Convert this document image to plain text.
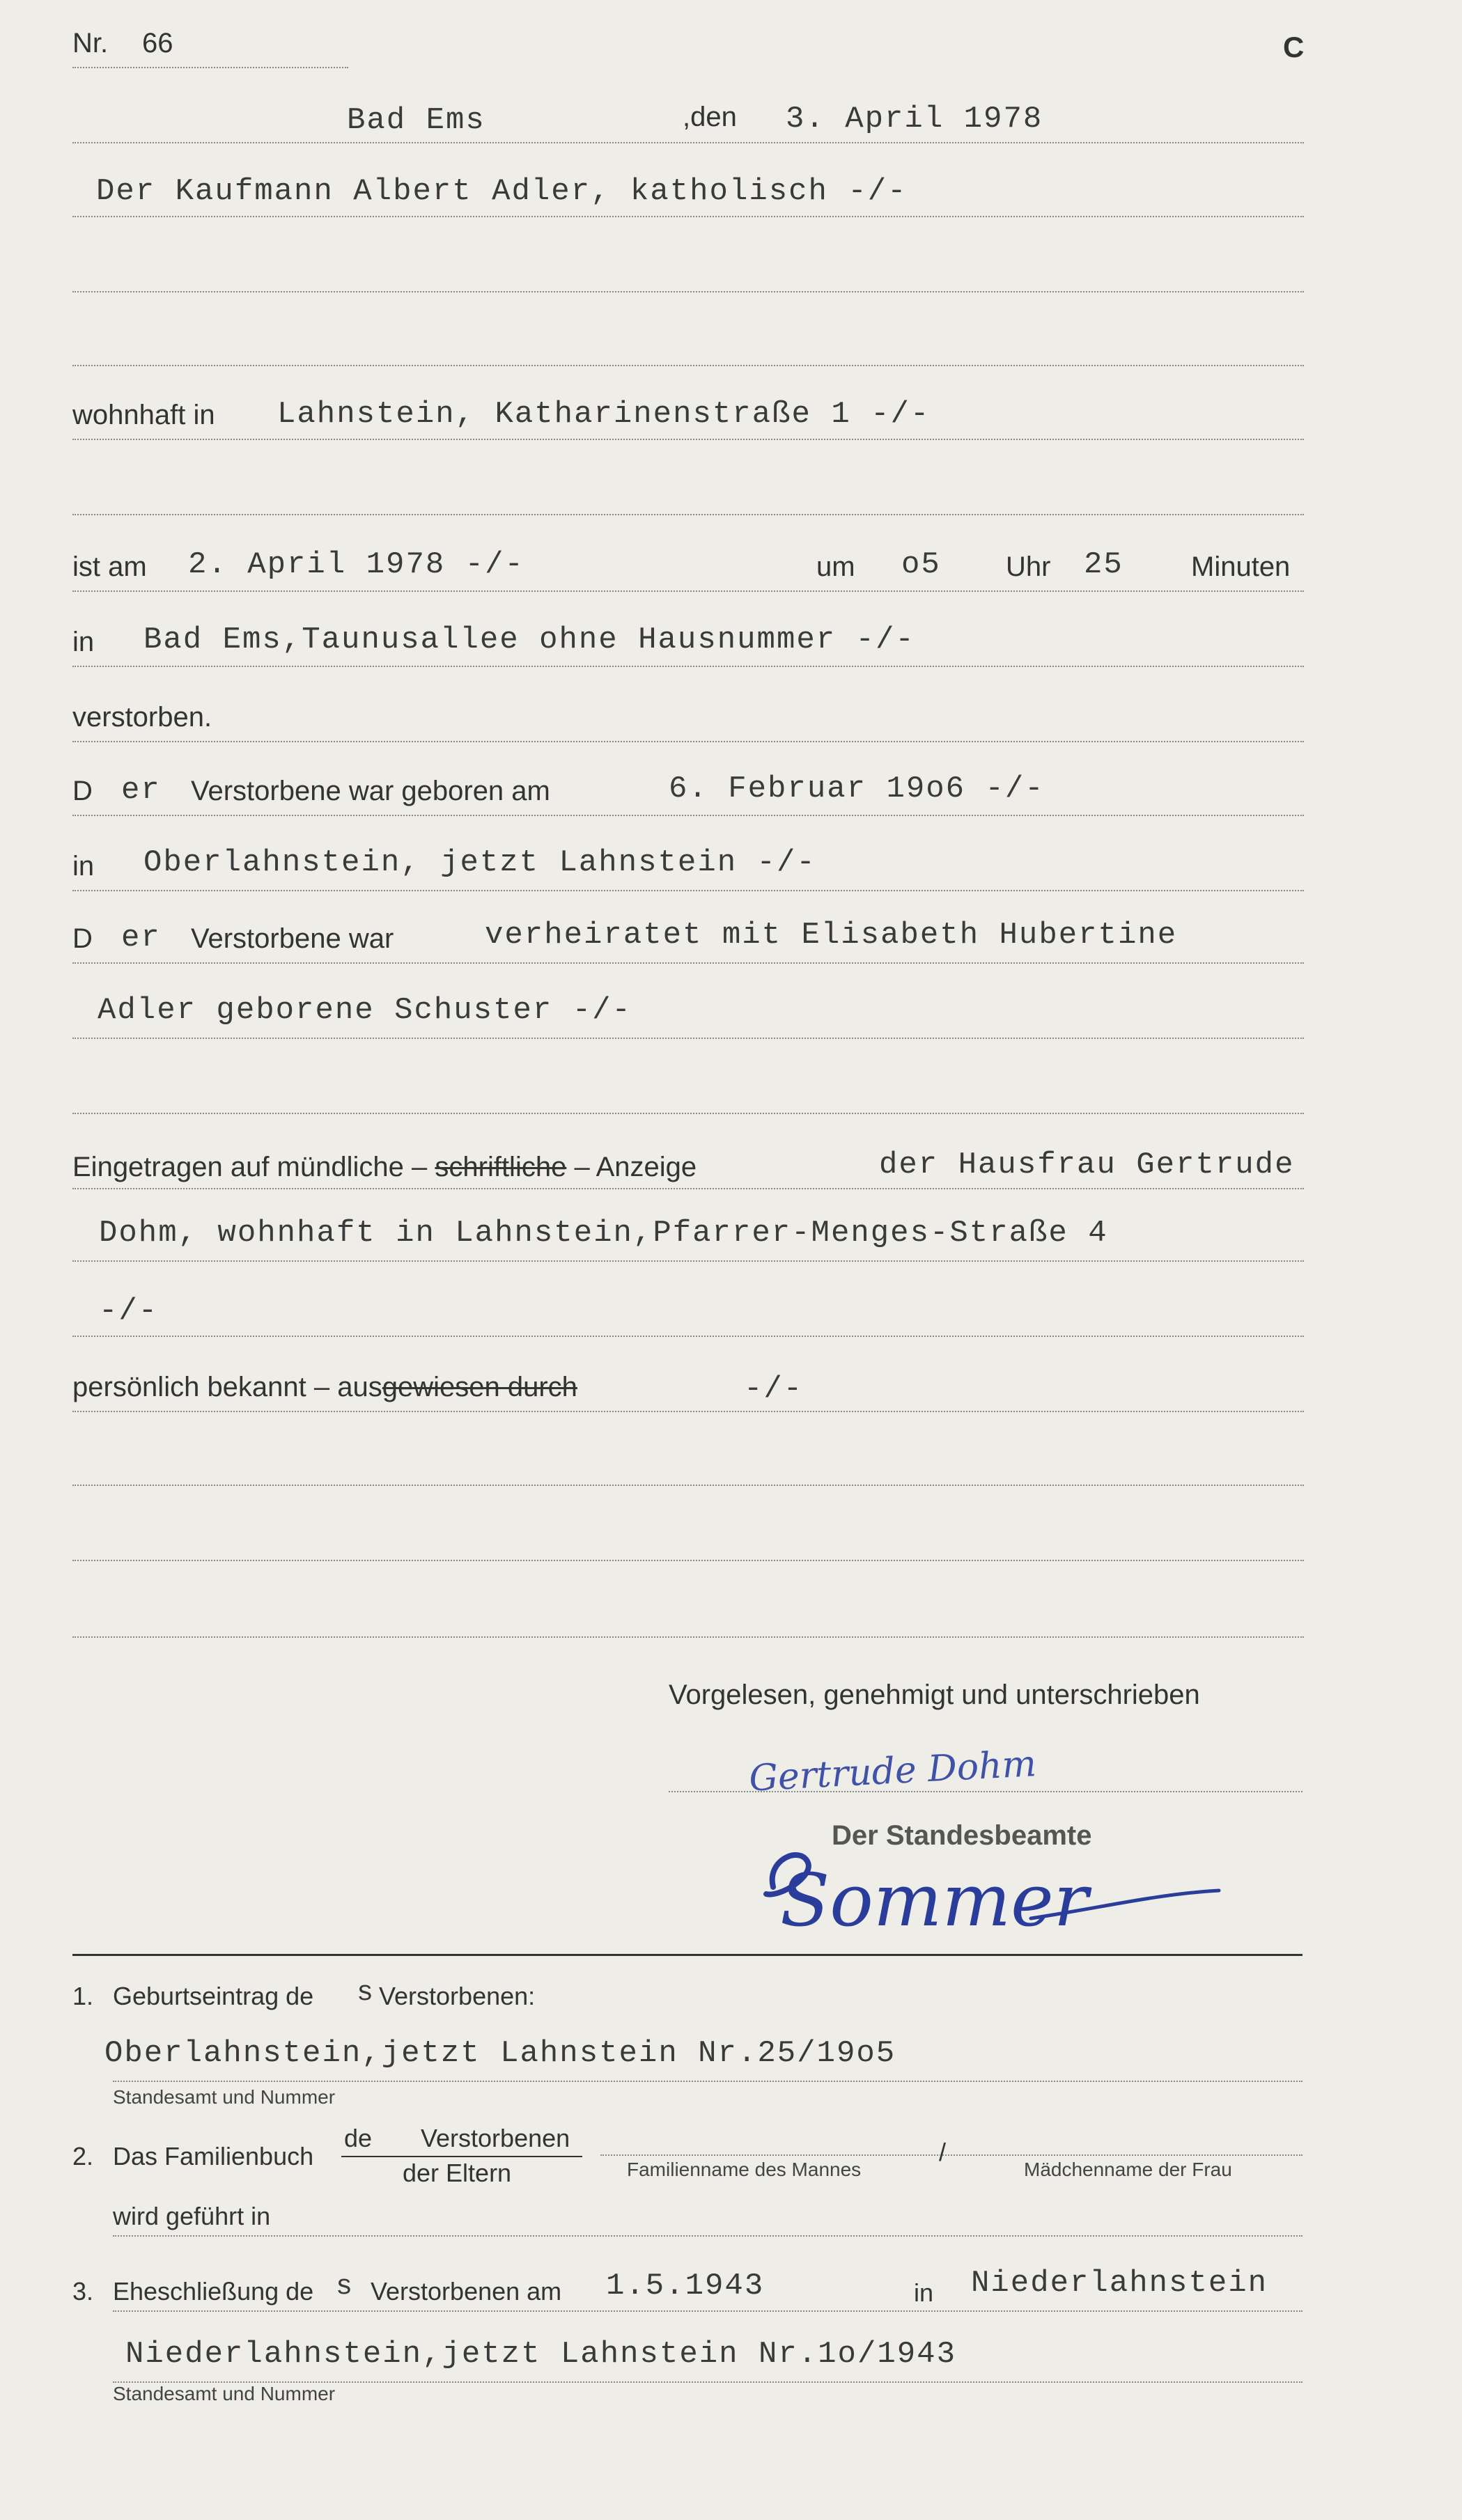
Nr. 66	C
Bad Ems	,den 3. April 1978
Der Kaufmann Albert Adler, katholisch -/-
wohnhaft in Lahnstein, Katharinenstraße 1 -/-
ist am 2. April 1978 -/-	um o5 Uhr 25 Minuten
in Bad Ems,Taunusallee ohne Hausnummer -/-
verstorben.
D er Verstorbene war geboren am	6. Februar 19o6 -/-
in Oberlahnstein, jetzt Lahnstein -/-
D er Verstorbene war	verheiratet mit Elisabeth Hubertine
Adler geborene Schuster -/-
Eingetragen auf mündliche – schriftliche – Anzeige	der Hausfrau Gertrude
Dohm, wohnhaft in Lahnstein,Pfarrer-Menges-Straße 4
-/-
persönlich bekannt – ausgewiesen durch	-/-
Vorgelesen, genehmigt und unterschrieben
Gertrude Dohm
Der Standesbeamte
Sommer
1. Geburtseintrag de s Verstorbenen:
Oberlahnstein,jetzt Lahnstein Nr.25/19o5
Standesamt und Nummer
2. Das Familienbuch
de Verstorbenen
der Eltern	Familienname des Mannes
/
Mädchenname der Frau
wird geführt in
3. Eheschließung de s Verstorbenen am 1.5.1943	in Niederlahnstein
Niederlahnstein,jetzt Lahnstein Nr.1o/1943
Standesamt und Nummer
